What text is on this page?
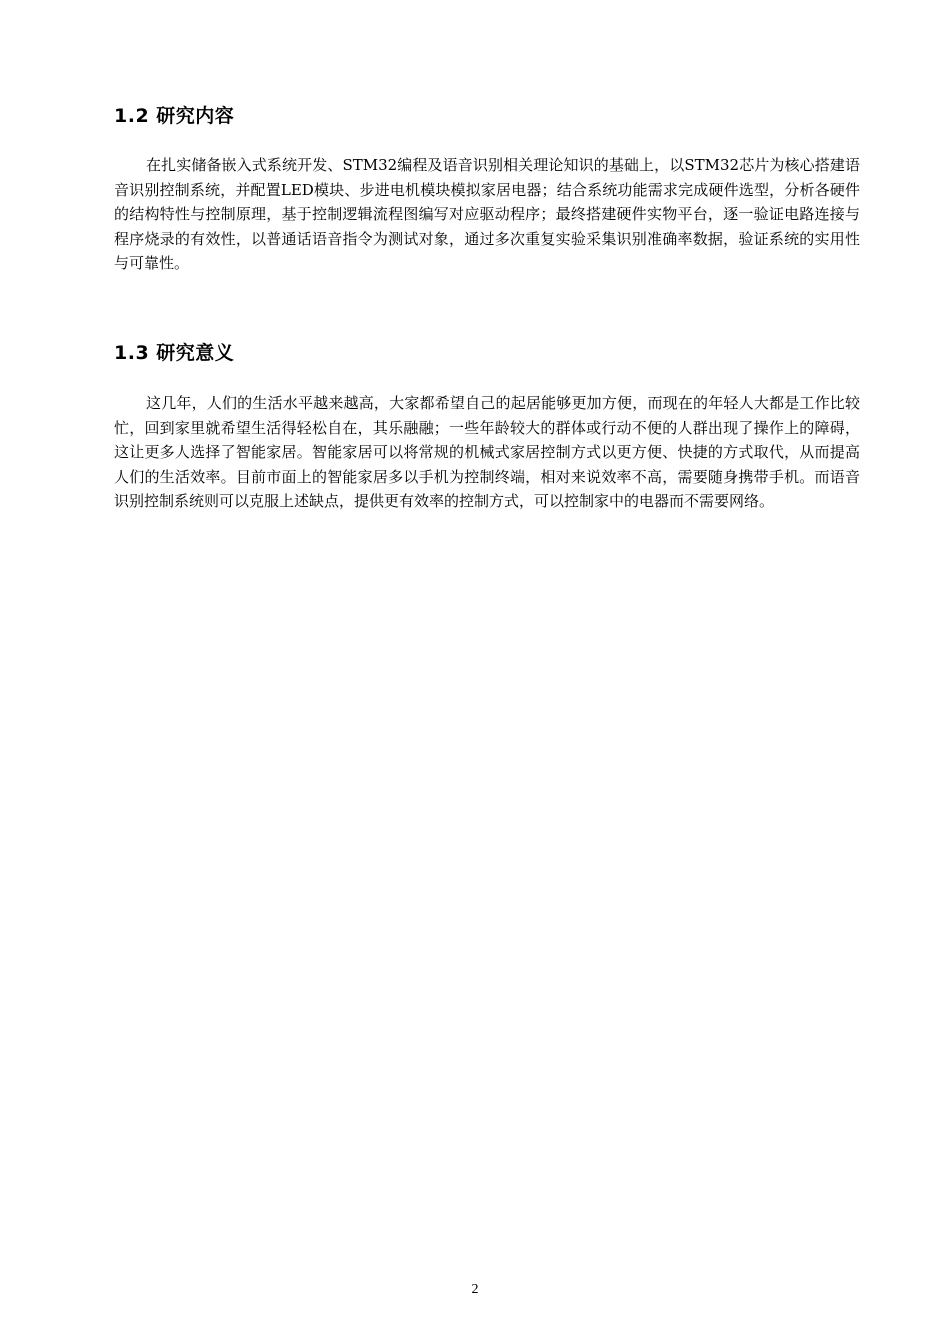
1.2 研究内容

在扎实储备嵌入式系统开发、STM32编程及语音识别相关理论知识的基础上，以STM32芯片为核心搭建语音识别控制系统，并配置LED模块、步进电机模块模拟家居电器；结合系统功能需求完成硬件选型，分析各硬件的结构特性与控制原理，基于控制逻辑流程图编写对应驱动程序；最终搭建硬件实物平台，逐一验证电路连接与程序烧录的有效性，以普通话语音指令为测试对象，通过多次重复实验采集识别准确率数据，验证系统的实用性与可靠性。

1.3 研究意义

这几年，人们的生活水平越来越高，大家都希望自己的起居能够更加方便，而现在的年轻人大都是工作比较忙，回到家里就希望生活得轻松自在，其乐融融；一些年龄较大的群体或行动不便的人群出现了操作上的障碍，这让更多人选择了智能家居。智能家居可以将常规的机械式家居控制方式以更方便、快捷的方式取代，从而提高人们的生活效率。目前市面上的智能家居多以手机为控制终端，相对来说效率不高，需要随身携带手机。而语音识别控制系统则可以克服上述缺点，提供更有效率的控制方式，可以控制家中的电器而不需要网络。

2
